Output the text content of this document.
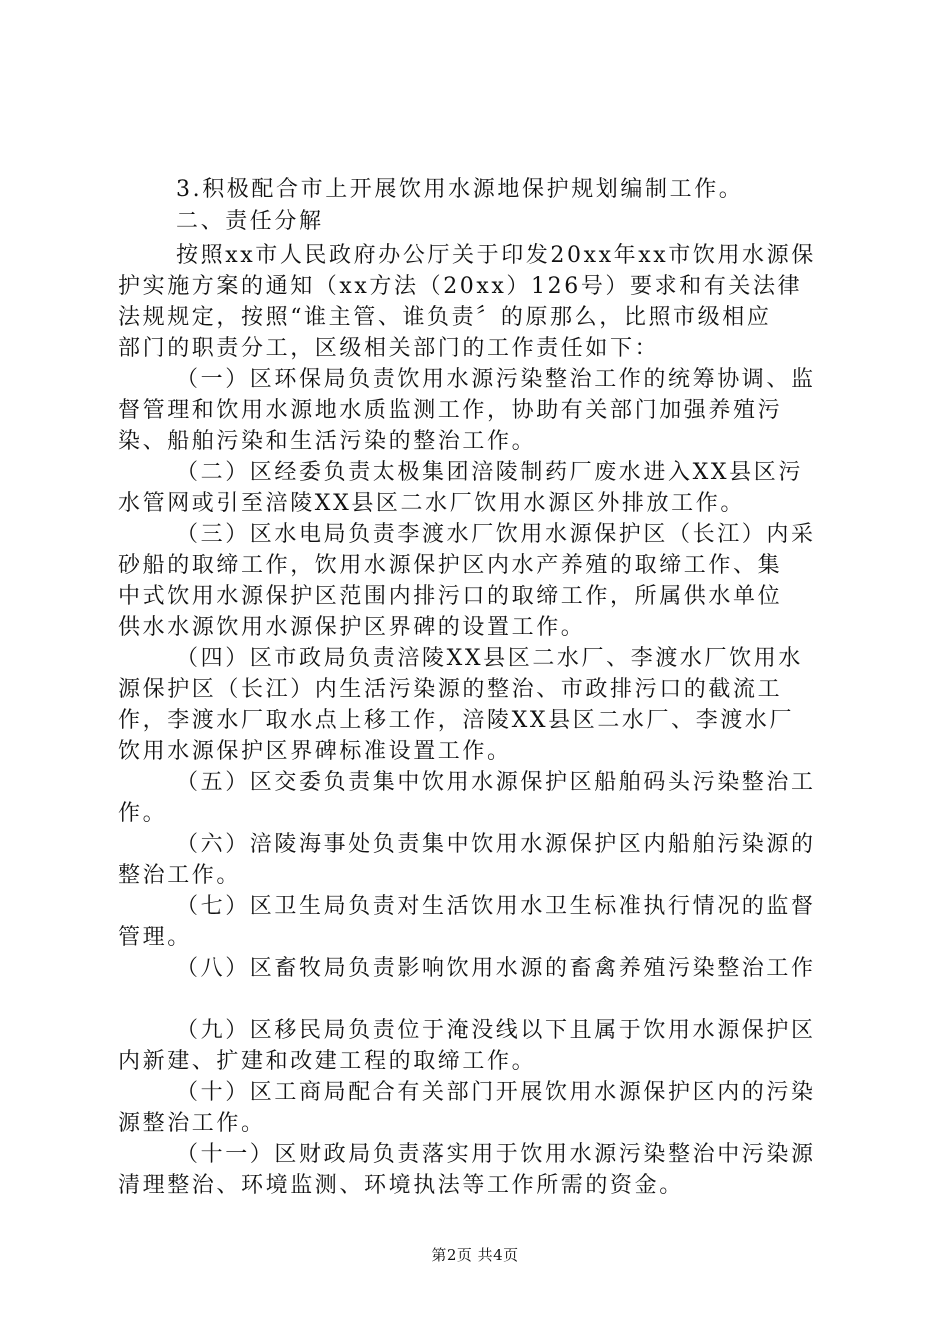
3.积极配合市上开展饮用水源地保护规划编制工作。
二、责任分解
按照xx市人民政府办公厅关于印发20xx年xx市饮用水源保
护实施方案的通知（xx方法（20xx）126号）要求和有关法律
法规规定，按照“谁主管、谁负责〞的原那么，比照市级相应
部门的职责分工，区级相关部门的工作责任如下：
（一）区环保局负责饮用水源污染整治工作的统筹协调、监
督管理和饮用水源地水质监测工作，协助有关部门加强养殖污
染、船舶污染和生活污染的整治工作。
（二）区经委负责太极集团涪陵制药厂废水进入XX县区污
水管网或引至涪陵XX县区二水厂饮用水源区外排放工作。
（三）区水电局负责李渡水厂饮用水源保护区（长江）内采
砂船的取缔工作，饮用水源保护区内水产养殖的取缔工作、集
中式饮用水源保护区范围内排污口的取缔工作，所属供水单位
供水水源饮用水源保护区界碑的设置工作。
（四）区市政局负责涪陵XX县区二水厂、李渡水厂饮用水
源保护区（长江）内生活污染源的整治、市政排污口的截流工
作，李渡水厂取水点上移工作，涪陵XX县区二水厂、李渡水厂
饮用水源保护区界碑标准设置工作。
（五）区交委负责集中饮用水源保护区船舶码头污染整治工
作。
（六）涪陵海事处负责集中饮用水源保护区内船舶污染源的
整治工作。
（七）区卫生局负责对生活饮用水卫生标准执行情况的监督
管理。
（八）区畜牧局负责影响饮用水源的畜禽养殖污染整治工作
（九）区移民局负责位于淹没线以下且属于饮用水源保护区
内新建、扩建和改建工程的取缔工作。
（十）区工商局配合有关部门开展饮用水源保护区内的污染
源整治工作。
（十一）区财政局负责落实用于饮用水源污染整治中污染源
清理整治、环境监测、环境执法等工作所需的资金。
第2页 共4页
